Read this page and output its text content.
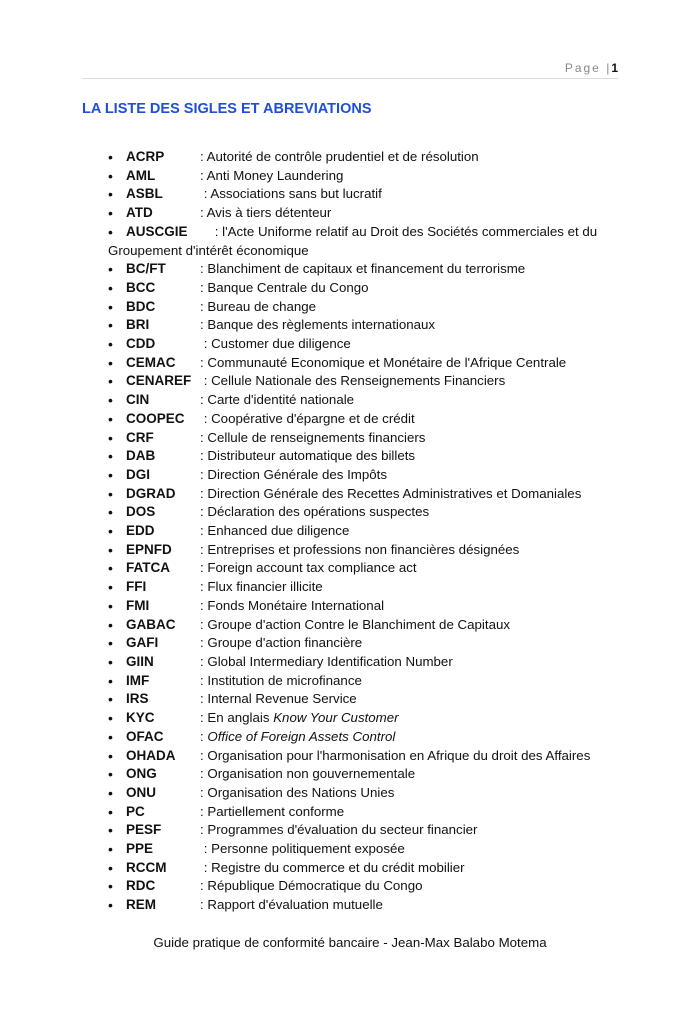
Page |1
LA LISTE DES SIGLES ET ABREVIATIONS
• ACRP	: Autorité de contrôle prudentiel et de résolution
• AML	: Anti Money Laundering
• ASBL	: Associations sans but lucratif
• ATD	: Avis à tiers détenteur
• AUSCGIE    : l'Acte Uniforme relatif au Droit des Sociétés commerciales et du
Groupement d'intérêt économique
• BC/FT	: Blanchiment de capitaux et financement du terrorisme
• BCC	: Banque Centrale du Congo
• BDC	: Bureau de change
• BRI	: Banque des règlements internationaux
• CDD	: Customer due diligence
• CEMAC : Communauté Economique et Monétaire de l'Afrique Centrale
• CENAREF : Cellule Nationale des Renseignements Financiers
• CIN	: Carte d'identité nationale
• COOPEC : Coopérative d'épargne et de crédit
• CRF	: Cellule de renseignements financiers
• DAB	: Distributeur automatique des billets
• DGI	: Direction Générale des Impôts
• DGRAD : Direction Générale des Recettes Administratives et Domaniales
• DOS	: Déclaration des opérations suspectes
• EDD	: Enhanced due diligence
• EPNFD : Entreprises et professions non financières désignées
• FATCA : Foreign account tax compliance act
• FFI	: Flux financier illicite
• FMI	: Fonds Monétaire International
• GABAC : Groupe d'action Contre le Blanchiment de Capitaux
• GAFI	: Groupe d'action financière
• GIIN	: Global Intermediary Identification Number
• IMF	: Institution de microfinance
• IRS	: Internal Revenue Service
• KYC	: En anglais Know Your Customer
• OFAC	: Office of Foreign Assets Control
• OHADA : Organisation pour l'harmonisation en Afrique du droit des Affaires
• ONG	: Organisation non gouvernementale
• ONU	: Organisation des Nations Unies
• PC	: Partiellement conforme
• PESF	: Programmes d'évaluation du secteur financier
• PPE	: Personne politiquement exposée
• RCCM	: Registre du commerce et du crédit mobilier
• RDC	: République Démocratique du Congo
• REM	: Rapport d'évaluation mutuelle
Guide pratique de conformité bancaire - Jean-Max Balabo Motema
